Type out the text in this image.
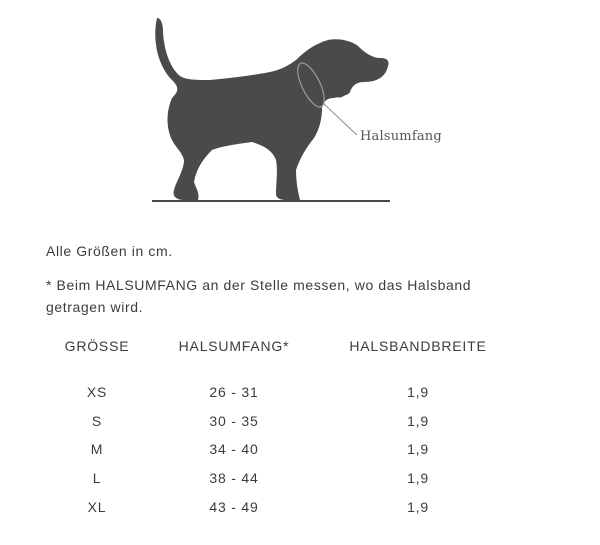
Halsumfang
Alle Größen in cm.
* Beim HALSUMFANG an der Stelle messen, wo das Halsband getragen wird.
GRÖSSE	HALSUMFANG*	HALSBANDBREITE
XS	26 - 31	1,9
S	30 - 35	1,9
M	34 - 40	1,9
L	38 - 44	1,9
XL	43 - 49	1,9
